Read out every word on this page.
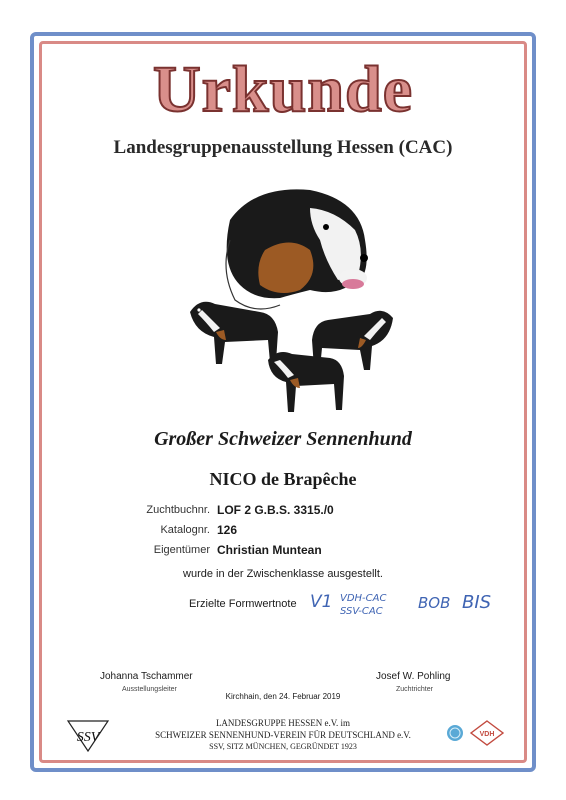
Urkunde
Landesgruppenausstellung Hessen (CAC)
Großer Schweizer Sennenhund
NICO de Brapêche
Zuchtbuchnr. LOF 2 G.B.S. 3315./0
Katalognr. 126
Eigentümer Christian Muntean
wurde in der Zwischenklasse ausgestellt.
Erzielte Formwertnote V1 VDH-CAC
SSV-CAC BOB BIS
Johanna Tschammer
Ausstellungsleiter
Josef W. Pohling
Zuchtrichter
Kirchhain, den 24. Februar 2019
SSV
LANDESGRUPPE HESSEN e.V. im
SCHWEIZER SENNENHUND-VEREIN FÜR DEUTSCHLAND e.V.
SSV, SITZ MÜNCHEN, GEGRÜNDET 1923
VDH
